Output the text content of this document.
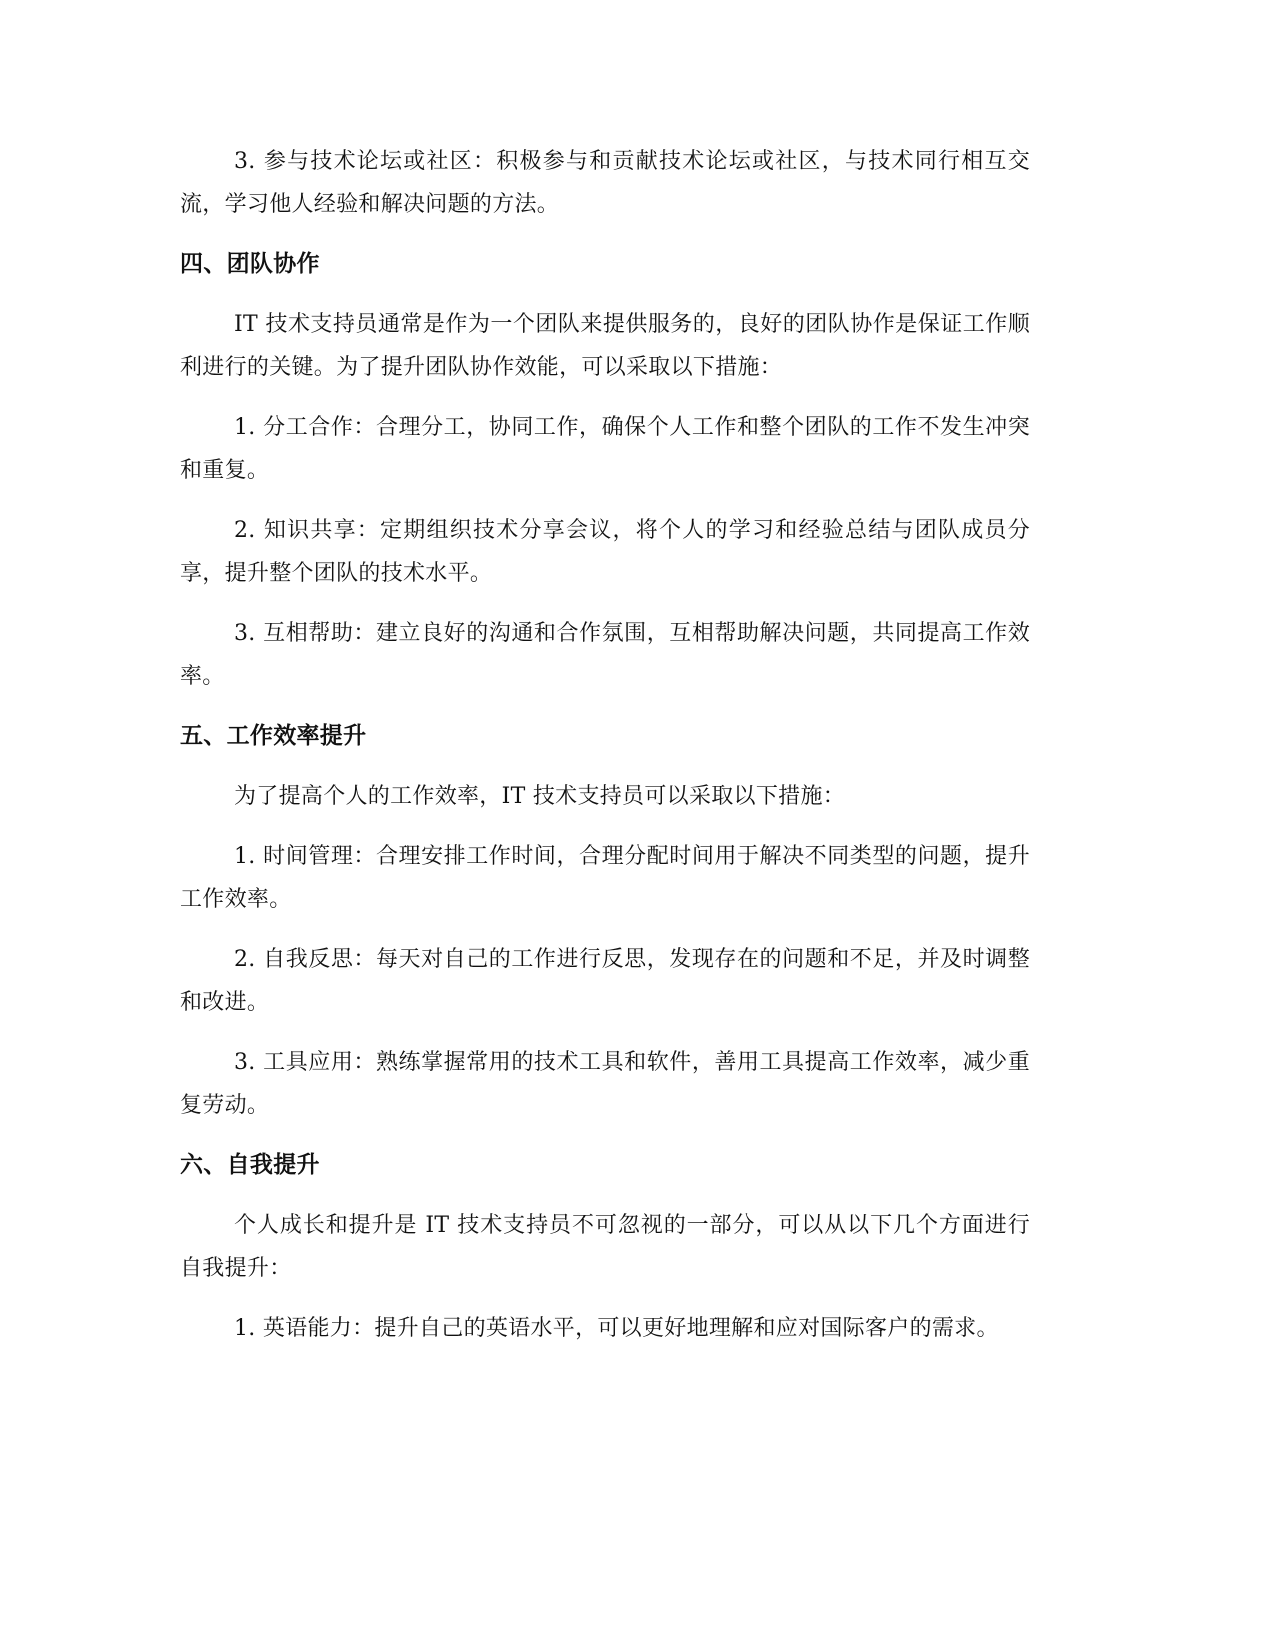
3. 参与技术论坛或社区：积极参与和贡献技术论坛或社区，与技术同行相互交流，学习他人经验和解决问题的方法。

四、团队协作

IT 技术支持员通常是作为一个团队来提供服务的，良好的团队协作是保证工作顺利进行的关键。为了提升团队协作效能，可以采取以下措施：

1. 分工合作：合理分工，协同工作，确保个人工作和整个团队的工作不发生冲突和重复。

2. 知识共享：定期组织技术分享会议，将个人的学习和经验总结与团队成员分享，提升整个团队的技术水平。

3. 互相帮助：建立良好的沟通和合作氛围，互相帮助解决问题，共同提高工作效率。

五、工作效率提升

为了提高个人的工作效率，IT 技术支持员可以采取以下措施：

1. 时间管理：合理安排工作时间，合理分配时间用于解决不同类型的问题，提升工作效率。

2. 自我反思：每天对自己的工作进行反思，发现存在的问题和不足，并及时调整和改进。

3. 工具应用：熟练掌握常用的技术工具和软件，善用工具提高工作效率，减少重复劳动。

六、自我提升

个人成长和提升是 IT 技术支持员不可忽视的一部分，可以从以下几个方面进行自我提升：

1. 英语能力：提升自己的英语水平，可以更好地理解和应对国际客户的需求。
